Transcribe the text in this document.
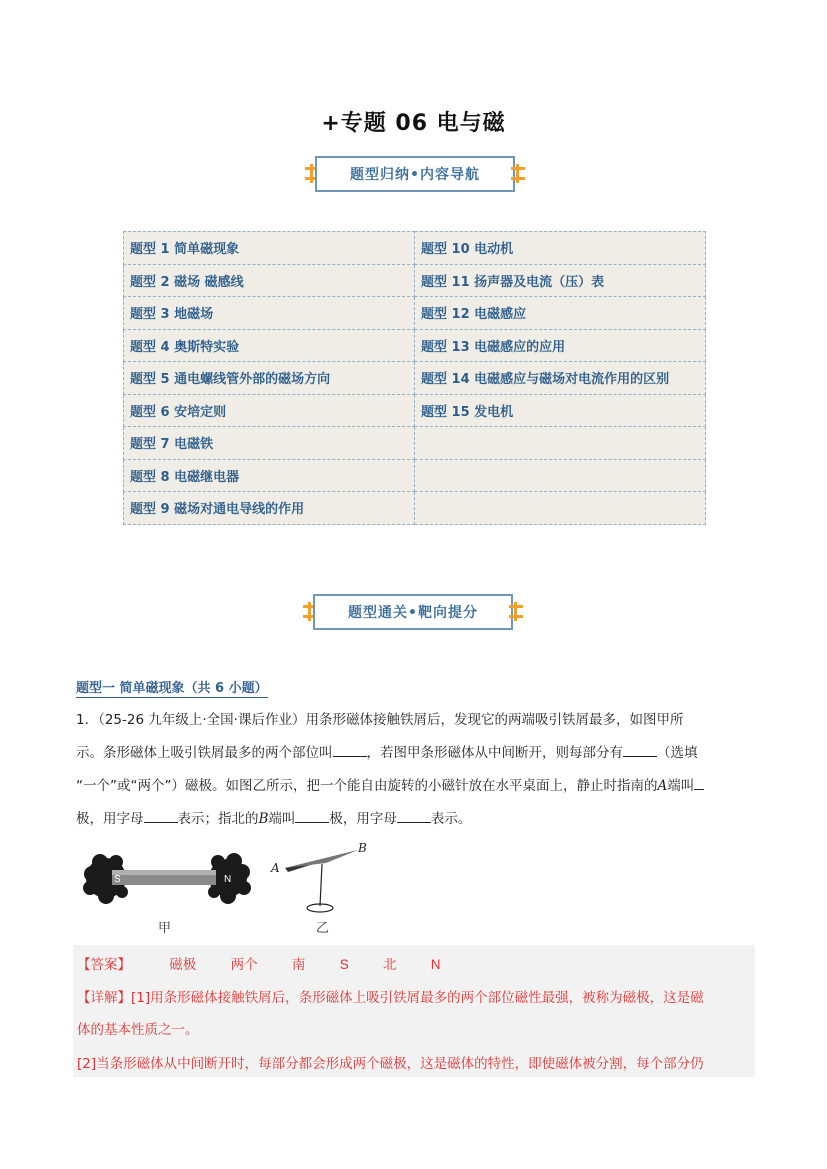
+专题 06 电与磁
题型归纳•内容导航
题型 1 简单磁现象	题型 10 电动机
题型 2 磁场 磁感线	题型 11 扬声器及电流（压）表
题型 3 地磁场	题型 12 电磁感应
题型 4 奥斯特实验	题型 13 电磁感应的应用
题型 5 通电螺线管外部的磁场方向	题型 14 电磁感应与磁场对电流作用的区别
题型 6 安培定则	题型 15 发电机
题型 7 电磁铁	
题型 8 电磁继电器	
题型 9 磁场对通电导线的作用	
题型通关•靶向提分
题型一 简单磁现象（共 6 小题）
1．（25-26 九年级上·全国·课后作业）用条形磁体接触铁屑后，发现它的两端吸引铁屑最多，如图甲所
示。条形磁体上吸引铁屑最多的两个部位叫	，若图甲条形磁体从中间断开，则每部分有	（选填
“一个”或“两个”）磁极。如图乙所示，把一个能自由旋转的小磁针放在水平桌面上，静止时指南的A端叫
极，用字母	表示；指北的B端叫	极，用字母	表示。
S	N
甲
A
B
乙
【答案】	磁极	两个	南	S	北	N
【详解】[1]用条形磁体接触铁屑后，条形磁体上吸引铁屑最多的两个部位磁性最强，被称为磁极，这是磁
体的基本性质之一。
[2]当条形磁体从中间断开时，每部分都会形成两个磁极，这是磁体的特性，即使磁体被分割，每个部分仍
